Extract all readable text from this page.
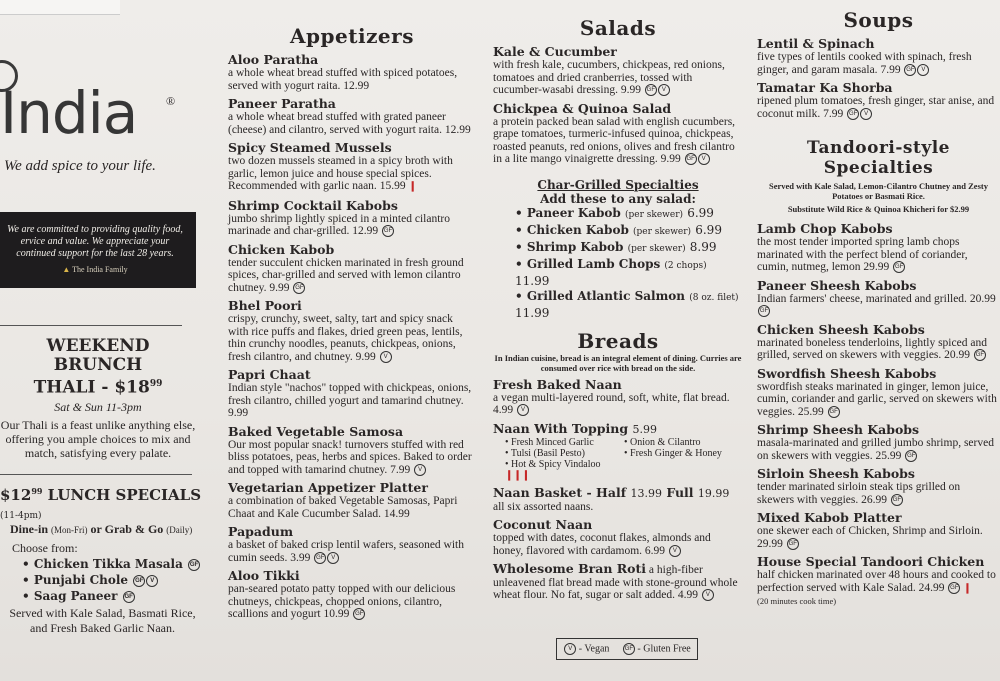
India ®
We add spice to your life.
We are committed to providing quality food, ervice and value. We appreciate your continued support for the last 28 years.
▲ The India Family
WEEKEND BRUNCH
THALI - $\$18^{99}$
Sat & Sun 11-3pm
Our Thali is a feast unlike anything else, offering you ample choices to mix and match, satisfying every palate.
$\$12^{99}$ LUNCH SPECIALS (11-4pm)
Dine-in (Mon-Fri) or Grab & Go (Daily)
Choose from:
• Chicken Tikka Masala GF
• Punjabi Chole GF V
• Saag Paneer GF
Served with Kale Salad, Basmati Rice, and Fresh Baked Garlic Naan.
Appetizers
Aloo Paratha
a whole wheat bread stuffed with spiced potatoes, served with yogurt raita. 12.99
Paneer Paratha
a whole wheat bread stuffed with grated paneer (cheese) and cilantro, served with yogurt raita. 12.99
Spicy Steamed Mussels
two dozen mussels steamed in a spicy broth with garlic, lemon juice and house special spices. Recommended with garlic naan. 15.99 ❙
Shrimp Cocktail Kabobs
jumbo shrimp lightly spiced in a minted cilantro marinade and char-grilled. 12.99 GF
Chicken Kabob
tender succulent chicken marinated in fresh ground spices, char-grilled and served with lemon cilantro chutney. 9.99 GF
Bhel Poori
crispy, crunchy, sweet, salty, tart and spicy snack with rice puffs and flakes, dried green peas, lentils, thin crunchy noodles, peanuts, chickpeas, onions, fresh cilantro, and chutney. 9.99 V
Papri Chaat
Indian style "nachos" topped with chickpeas, onions, fresh cilantro, chilled yogurt and tamarind chutney. 9.99
Baked Vegetable Samosa
Our most popular snack! turnovers stuffed with red bliss potatoes, peas, herbs and spices. Baked to order and topped with tamarind chutney. 7.99 V
Vegetarian Appetizer Platter
a combination of baked Vegetable Samosas, Papri Chaat and Kale Cucumber Salad. 14.99
Papadum
a basket of baked crisp lentil wafers, seasoned with cumin seeds. 3.99 GF V
Aloo Tikki
pan-seared potato patty topped with our delicious chutneys, chickpeas, chopped onions, cilantro, scallions and yogurt 10.99 GF
Salads
Kale & Cucumber
with fresh kale, cucumbers, chickpeas, red onions, tomatoes and dried cranberries, tossed with cucumber-wasabi dressing. 9.99 GF V
Chickpea & Quinoa Salad
a protein packed bean salad with english cucumbers, grape tomatoes, turmeric-infused quinoa, chickpeas, roasted peanuts, red onions, olives and fresh cilantro in a lite mango vinaigrette dressing. 9.99 GF V
Char-Grilled Specialties
Add these to any salad:
• Paneer Kabob (per skewer) 6.99
• Chicken Kabob (per skewer) 6.99
• Shrimp Kabob (per skewer) 8.99
• Grilled Lamb Chops (2 chops) 11.99
• Grilled Atlantic Salmon (8 oz. filet) 11.99
Breads
In Indian cuisine, bread is an integral element of dining. Curries are consumed over rice with bread on the side.
Fresh Baked Naan
a vegan multi-layered round, soft, white, flat bread. 4.99 V
Naan With Topping 5.99
• Fresh Minced Garlic	• Onion & Cilantro
• Tulsi (Basil Pesto)	• Fresh Ginger & Honey
• Hot & Spicy Vindaloo ❙❙❙
Naan Basket - Half 13.99 Full 19.99
all six assorted naans.
Coconut Naan
topped with dates, coconut flakes, almonds and honey, flavored with cardamom. 6.99 V
Wholesome Bran Roti a high-fiber unleavened flat bread made with stone-ground whole wheat flour. No fat, sugar or salt added. 4.99 V
Soups
Lentil & Spinach
five types of lentils cooked with spinach, fresh ginger, and garam masala. 7.99 GF V
Tamatar Ka Shorba
ripened plum tomatoes, fresh ginger, star anise, and coconut milk. 7.99 GF V
Tandoori-style Specialties
Served with Kale Salad, Lemon-Cilantro Chutney and Zesty Potatoes or Basmati Rice.
Substitute Wild Rice & Quinoa Khicheri for $2.99
Lamb Chop Kabobs
the most tender imported spring lamb chops marinated with the perfect blend of coriander, cumin, nutmeg, lemon 29.99 GF
Paneer Sheesh Kabobs
Indian farmers' cheese, marinated and grilled. 20.99 GF
Chicken Sheesh Kabobs
marinated boneless tenderloins, lightly spiced and grilled, served on skewers with veggies. 20.99 GF
Swordfish Sheesh Kabobs
swordfish steaks marinated in ginger, lemon juice, cumin, coriander and garlic, served on skewers with veggies. 25.99 GF
Shrimp Sheesh Kabobs
masala-marinated and grilled jumbo shrimp, served on skewers with veggies. 25.99 GF
Sirloin Sheesh Kabobs
tender marinated sirloin steak tips grilled on skewers with veggies. 26.99 GF
Mixed Kabob Platter
one skewer each of Chicken, Shrimp and Sirloin. 29.99 GF
House Special Tandoori Chicken
half chicken marinated over 48 hours and cooked to perfection served with Kale Salad. 24.99 GF ❙
(20 minutes cook time)
V - Vegan	GF - Gluten Free
